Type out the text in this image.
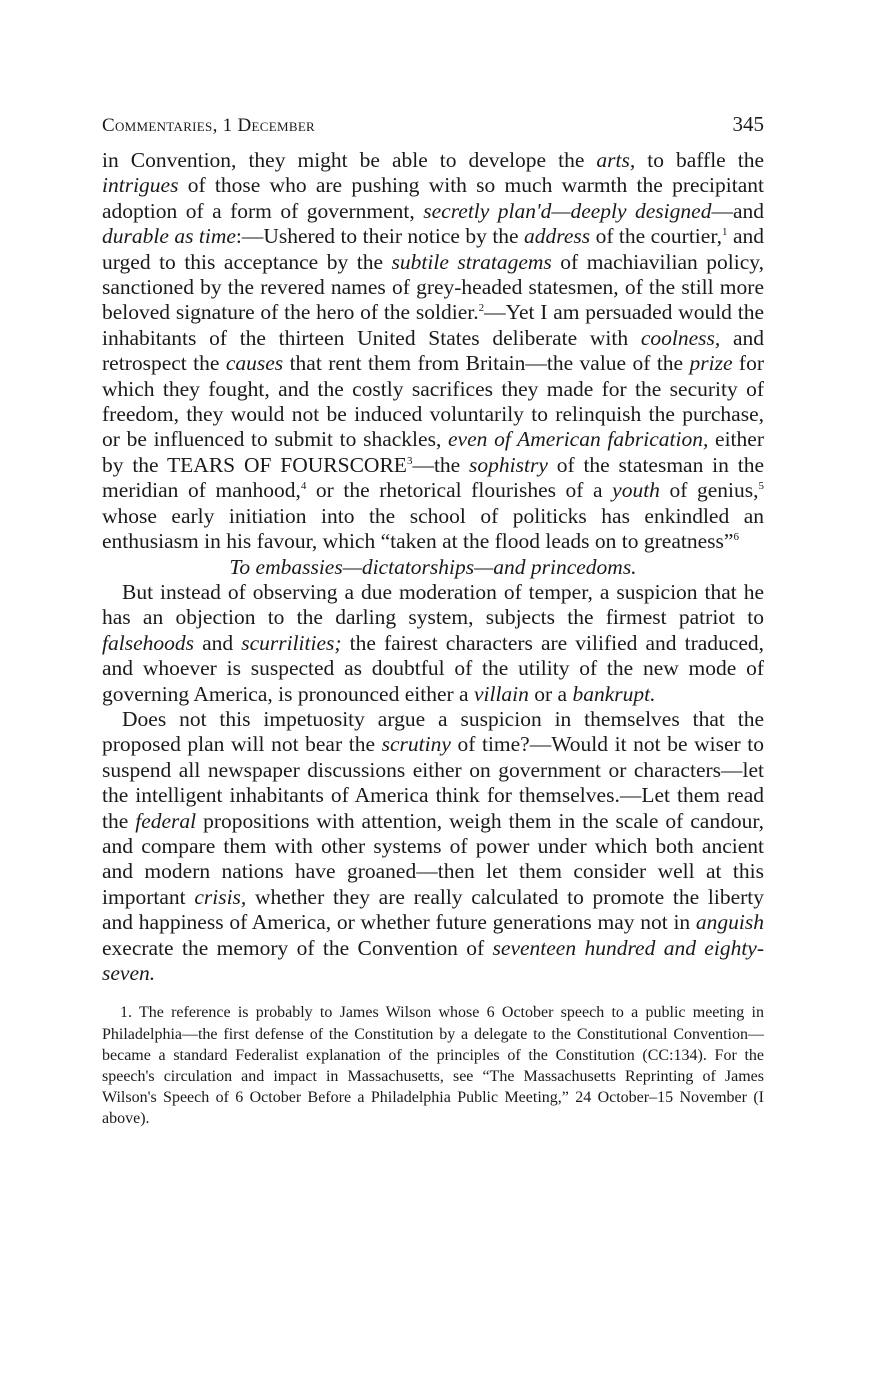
Commentaries, 1 December	345

in Convention, they might be able to develope the arts, to baffle the intrigues of those who are pushing with so much warmth the precipitant adoption of a form of government, secretly plan'd—deeply designed—and durable as time:—Ushered to their notice by the address of the courtier,$^1$ and urged to this acceptance by the subtile stratagems of machiavilian policy, sanctioned by the revered names of grey-headed statesmen, of the still more beloved signature of the hero of the soldier.$^2$—Yet I am persuaded would the inhabitants of the thirteen United States deliberate with coolness, and retrospect the causes that rent them from Britain—the value of the prize for which they fought, and the costly sacrifices they made for the security of freedom, they would not be induced voluntarily to relinquish the purchase, or be influenced to submit to shackles, even of American fabrication, either by the TEARS OF FOURSCORE$^3$—the sophistry of the statesman in the meridian of manhood,$^4$ or the rhetorical flourishes of a youth of genius,$^5$ whose early initiation into the school of politicks has enkindled an enthusiasm in his favour, which “taken at the flood leads on to greatness”$^6$

To embassies—dictatorships—and princedoms.

But instead of observing a due moderation of temper, a suspicion that he has an objection to the darling system, subjects the firmest patriot to falsehoods and scurrilities; the fairest characters are vilified and traduced, and whoever is suspected as doubtful of the utility of the new mode of governing America, is pronounced either a villain or a bankrupt.

Does not this impetuosity argue a suspicion in themselves that the proposed plan will not bear the scrutiny of time?—Would it not be wiser to suspend all newspaper discussions either on government or characters—let the intelligent inhabitants of America think for themselves.—Let them read the federal propositions with attention, weigh them in the scale of candour, and compare them with other systems of power under which both ancient and modern nations have groaned—then let them consider well at this important crisis, whether they are really calculated to promote the liberty and happiness of America, or whether future generations may not in anguish execrate the memory of the Convention of seventeen hundred and eighty-seven.

1. The reference is probably to James Wilson whose 6 October speech to a public meeting in Philadelphia—the first defense of the Constitution by a delegate to the Constitutional Convention—became a standard Federalist explanation of the principles of the Constitution (CC:134). For the speech's circulation and impact in Massachusetts, see “The Massachusetts Reprinting of James Wilson's Speech of 6 October Before a Philadelphia Public Meeting,” 24 October–15 November (I above).
